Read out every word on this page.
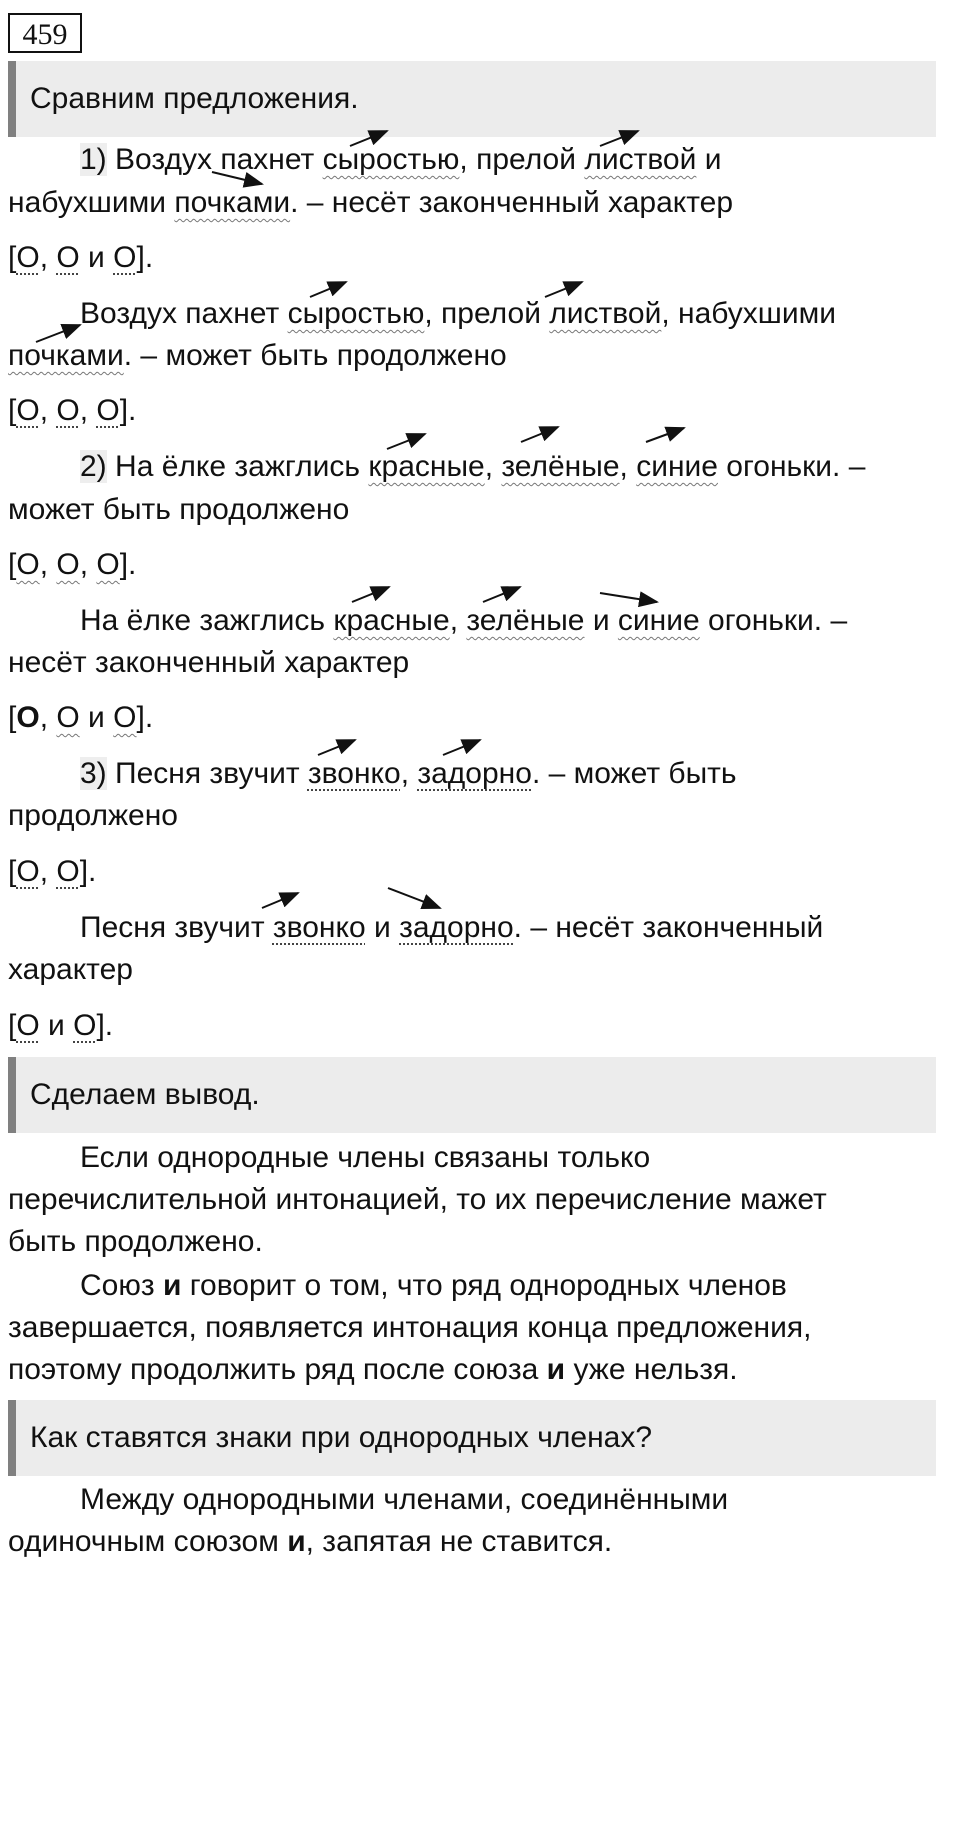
459
Сравним предложения.
1) Воздух пахнет сыростью, прелой листвой и
набухшими почками. – несёт законченный характер
[О, О и О].
Воздух пахнет сыростью, прелой листвой, набухшими
почками. – может быть продолжено
[О, О, О].
2) На ёлке зажглись красные, зелёные, синие огоньки. –
может быть продолжено
[О, О, О].
На ёлке зажглись красные, зелёные и синие огоньки. –
несёт законченный характер
[О, О и О].
3) Песня звучит звонко, задорно. – может быть
продолжено
[О, О].
Песня звучит звонко и задорно. – несёт законченный
характер
[О и О].
Сделаем вывод.
Если однородные члены связаны только
перечислительной интонацией, то их перечисление мажет
быть продолжено.
Союз и говорит о том, что ряд однородных членов
завершается, появляется интонация конца предложения,
поэтому продолжить ряд после союза и уже нельзя.
Как ставятся знаки при однородных членах?
Между однородными членами, соединёнными
одиночным союзом и, запятая не ставится.
